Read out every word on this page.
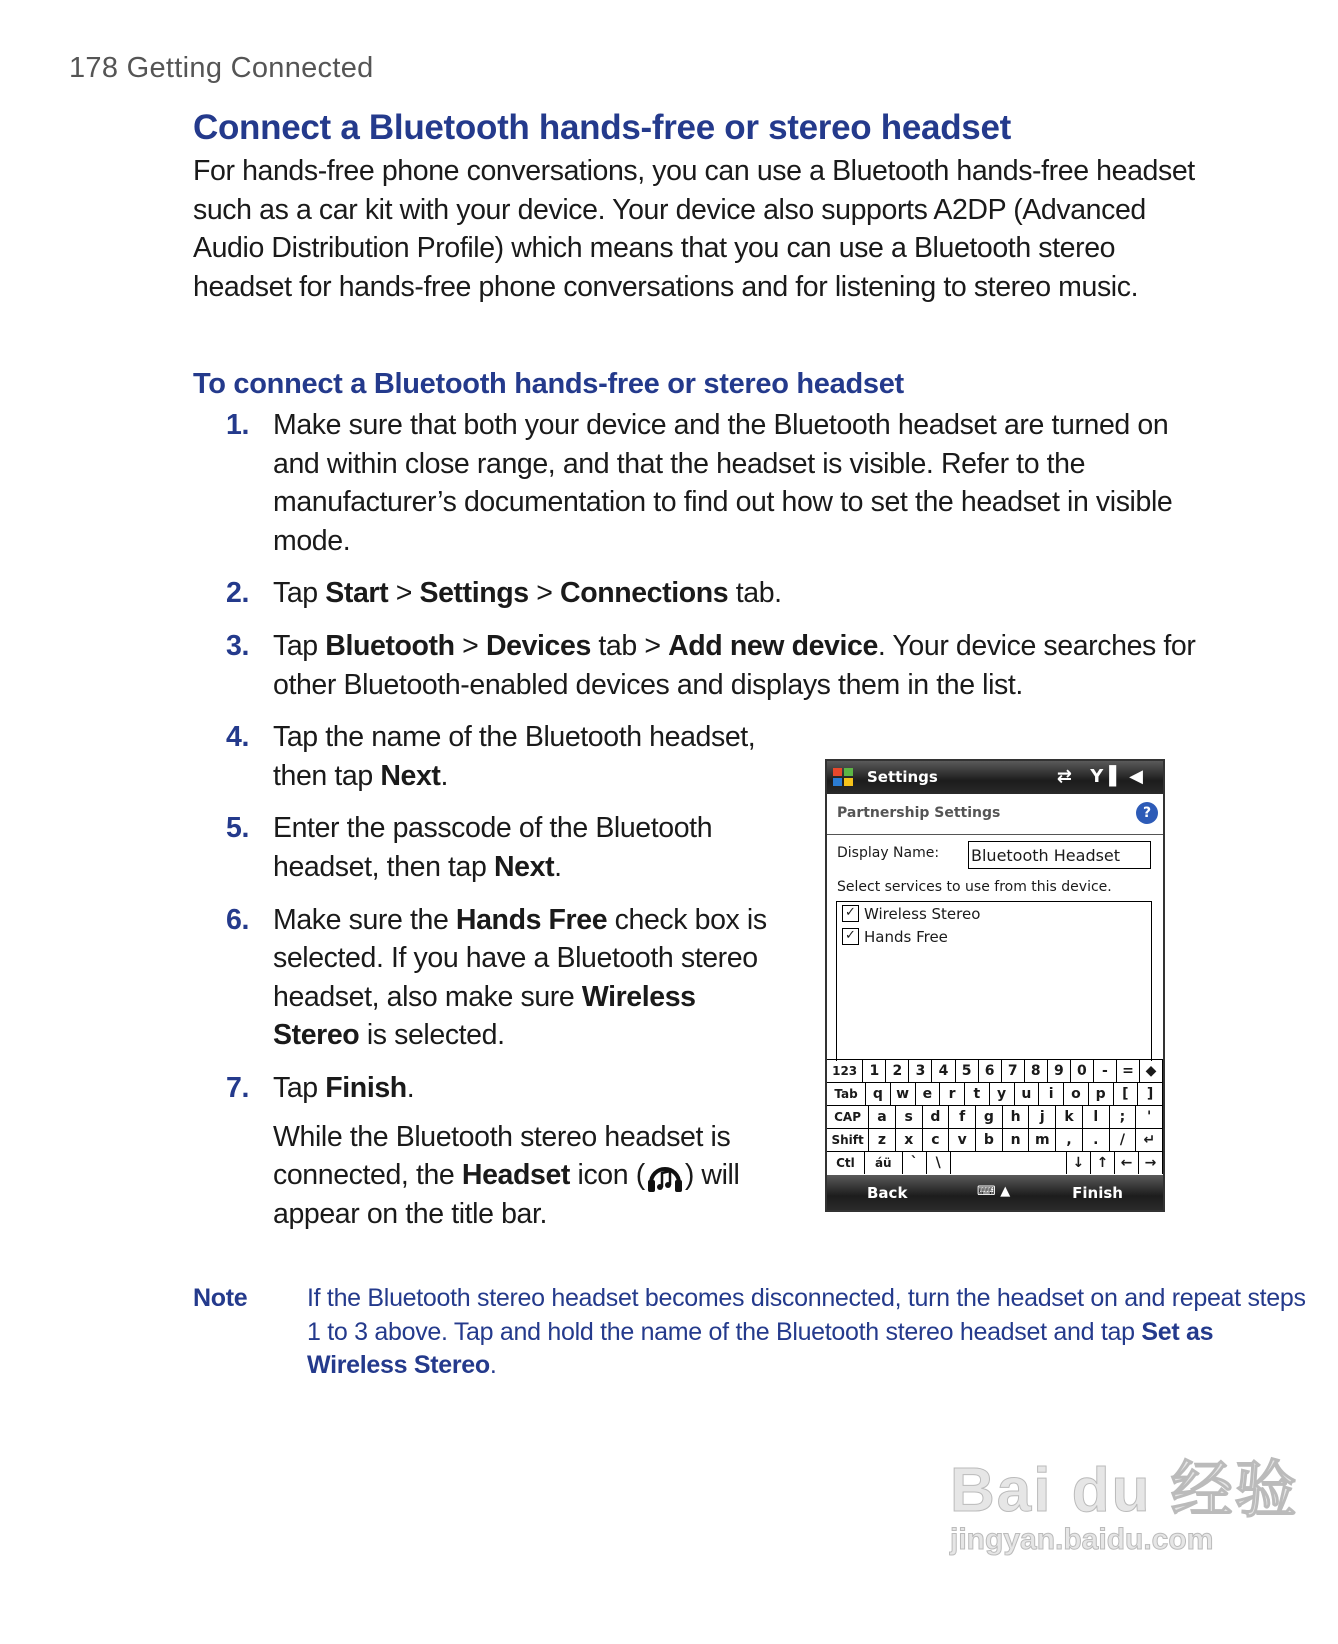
178 Getting Connected
Connect a Bluetooth hands-free or stereo headset
For hands-free phone conversations, you can use a Bluetooth hands-free headset such as a car kit with your device. Your device also supports A2DP (Advanced Audio Distribution Profile) which means that you can use a Bluetooth stereo headset for hands-free phone conversations and for listening to stereo music.
To connect a Bluetooth hands-free or stereo headset
1. Make sure that both your device and the Bluetooth headset are turned on and within close range, and that the headset is visible. Refer to the manufacturer’s documentation to find out how to set the headset in visible mode.
2. Tap Start > Settings > Connections tab.
3. Tap Bluetooth > Devices tab > Add new device. Your device searches for other Bluetooth-enabled devices and displays them in the list.
4. Tap the name of the Bluetooth headset, then tap Next.
5. Enter the passcode of the Bluetooth headset, then tap Next.
6. Make sure the Hands Free check box is selected. If you have a Bluetooth stereo headset, also make sure Wireless Stereo is selected.
7. Tap Finish.
While the Bluetooth stereo headset is connected, the Headset icon ( ) will appear on the title bar.
Settings	⇄ Y▌◀
Partnership Settings	?
Display Name: Bluetooth Headset
Select services to use from this device.
✓ Wireless Stereo
✓ Hands Free
123 1 2 3 4 5 6 7 8 9 0	-	= ◆
Tab	q w e	r	t	y	u	i	o	p	[	]
CAP	a	s	d	f	g	h	j	k	l	;	'
Shift	z	x	c	v	b	n	m	,	.	/	↵
Ctl	áü	`	\	↓ ↑ ← →
Back	⌨ ▲	Finish
Note If the Bluetooth stereo headset becomes disconnected, turn the headset on and repeat steps 1 to 3 above. Tap and hold the name of the Bluetooth stereo headset and tap Set as Wireless Stereo.
Bai du 经验
jingyan.baidu.com
